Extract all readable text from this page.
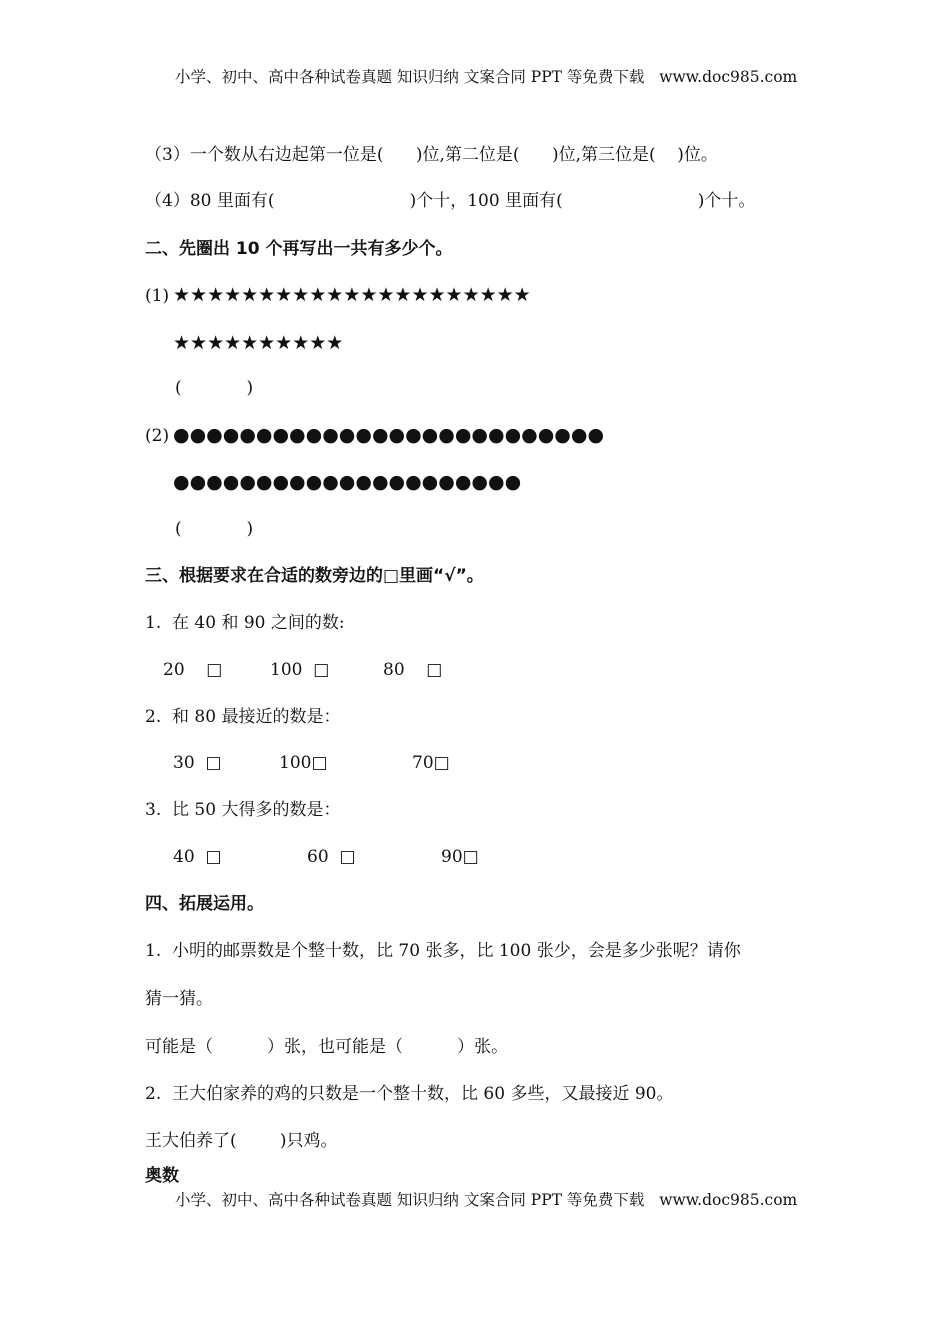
小学、初中、高中各种试卷真题 知识归纳 文案合同 PPT 等免费下载   www.doc985.com
（3）一个数从右边起第一位是(      )位,第二位是(      )位,第三位是(    )位。
（4）80 里面有(                         )个十，100 里面有(                         )个十。
二、先圈出 10 个再写出一共有多少个。
(1) ★★★★★★★★★★★★★★★★★★★★★
★★★★★★★★★★
(            )
(2) ●●●●●●●●●●●●●●●●●●●●●●●●●●
●●●●●●●●●●●●●●●●●●●●●
(            )
三、根据要求在合适的数旁边的□里画“√”。
1.  在 40 和 90 之间的数:
20    □	100  □	80    □
2.  和 80 最接近的数是：
30  □	100□	70□
3.  比 50 大得多的数是：
40  □	60  □	90□
四、拓展运用。
1.  小明的邮票数是个整十数，比 70 张多，比 100 张少，会是多少张呢？请你
猜一猜。
可能是（          ）张，也可能是（          ）张。
2.  王大伯家养的鸡的只数是一个整十数，比 60 多些，又最接近 90。
王大伯养了(        )只鸡。
奥数
小学、初中、高中各种试卷真题 知识归纳 文案合同 PPT 等免费下载   www.doc985.com
